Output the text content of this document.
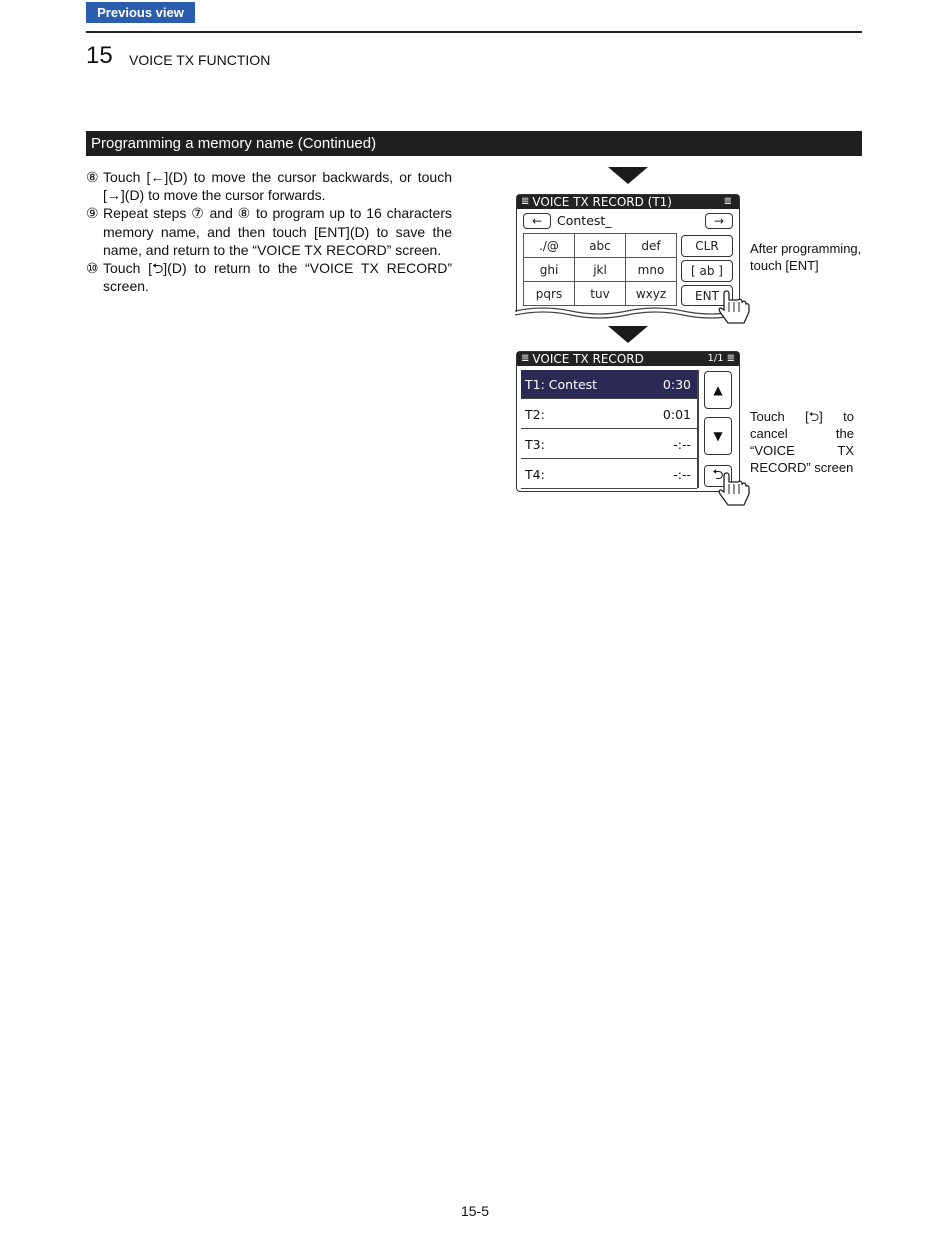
Previous view
15 VOICE TX FUNCTION
Programming a memory name (Continued)
⑧ Touch [←](D) to move the cursor backwards, or touch [→](D) to move the cursor forwards.
⑨ Repeat steps ⑦ and ⑧ to program up to 16 characters memory name, and then touch [ENT](D) to save the name, and return to the “VOICE TX RECORD” screen.
⑩ Touch [⮌](D) to return to the “VOICE TX RECORD” screen.
≣ VOICE TX RECORD (T1)	≣
← Contest_	→
./@	abc	def
ghi	jkl	mno
pqrs	tuv	wxyz
CLR
[ ab ]
ENT
After programming, touch [ENT]
≣ VOICE TX RECORD	1/1 ≣
T1: Contest	0:30
T2:	0:01
T3:	-:--
T4:	-:--
▲
▼
⮌
Touch [⮌] to cancel the “VOICE TX RECORD” screen
15-5
